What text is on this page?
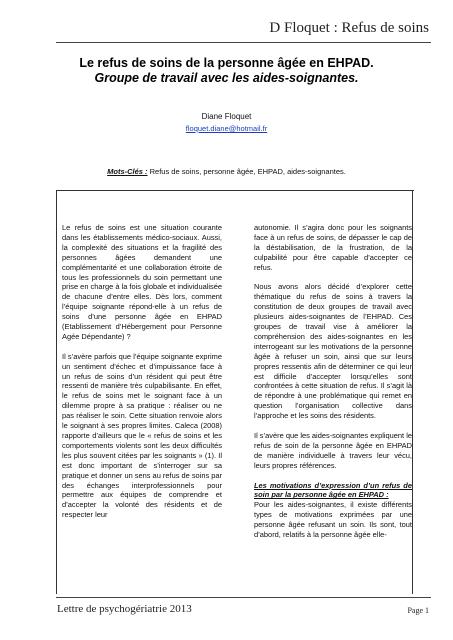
D Floquet : Refus de soins
Le refus de soins de la personne âgée en EHPAD.
Groupe de travail avec les aides-soignantes.
Diane Floquet
floquet.diane@hotmail.fr
Mots-Clés : Refus de soins, personne âgée, EHPAD, aides-soignantes.

Le refus de soins est une situation courante dans les établissements médico-sociaux. Aussi, la complexité des situations et la fragilité des personnes âgées demandent une complémentarité et une collaboration étroite de tous les professionnels du soin permettant une prise en charge à la fois globale et individualisée de chacune d’entre elles. Dès lors, comment l’équipe soignante répond-elle à un refus de soins d’une personne âgée en EHPAD (Etablissement d’Hébergement pour Personne Agée Dépendante) ?

Il s’avère parfois que l’équipe soignante exprime un sentiment d’échec et d’impuissance face à un refus de soins d’un résident qui peut être ressenti de manière très culpabilisante. En effet, le refus de soins met le soignant face à un dilemme propre à sa pratique : réaliser ou ne pas réaliser le soin. Cette situation renvoie alors le soignant à ses propres limites. Caleca (2008) rapporte d’ailleurs que le « refus de soins et les comportements violents sont les deux difficultés les plus souvent citées par les soignants » (1). Il est donc important de s’interroger sur sa pratique et donner un sens au refus de soins par des échanges interprofessionnels pour permettre aux équipes de comprendre et d’accepter la volonté des résidents et de respecter leur

autonomie. Il s’agira donc pour les soignants face à un refus de soins, de dépasser le cap de la déstabilisation, de la frustration, de la culpabilité pour être capable d’accepter ce refus.

Nous avons alors décidé d’explorer cette thématique du refus de soins à travers la constitution de deux groupes de travail avec plusieurs aides-soignantes de l’EHPAD. Ces groupes de travail vise à améliorer la compréhension des aides-soignantes en les interrogeant sur les motivations de la personne âgée à refuser un soin, ainsi que sur leurs propres ressentis afin de déterminer ce qui leur est difficile d’accepter lorsqu’elles sont confrontées à cette situation de refus. Il s’agit là de répondre à une problématique qui remet en question l’organisation collective dans l’approche et les soins des résidents.

Il s’avère que les aides-soignantes expliquent le refus de soin de la personne âgée en EHPAD de manière individuelle à travers leur vécu, leurs propres références.

Les motivations d’expression d’un refus de soin par la personne âgée en EHPAD :

Pour les aides-soignantes, il existe différents types de motivations exprimées par une personne âgée refusant un soin. Ils sont, tout d’abord, relatifs à la personne âgée elle-

Lettre de psychogériatrie 2013	Page 1
